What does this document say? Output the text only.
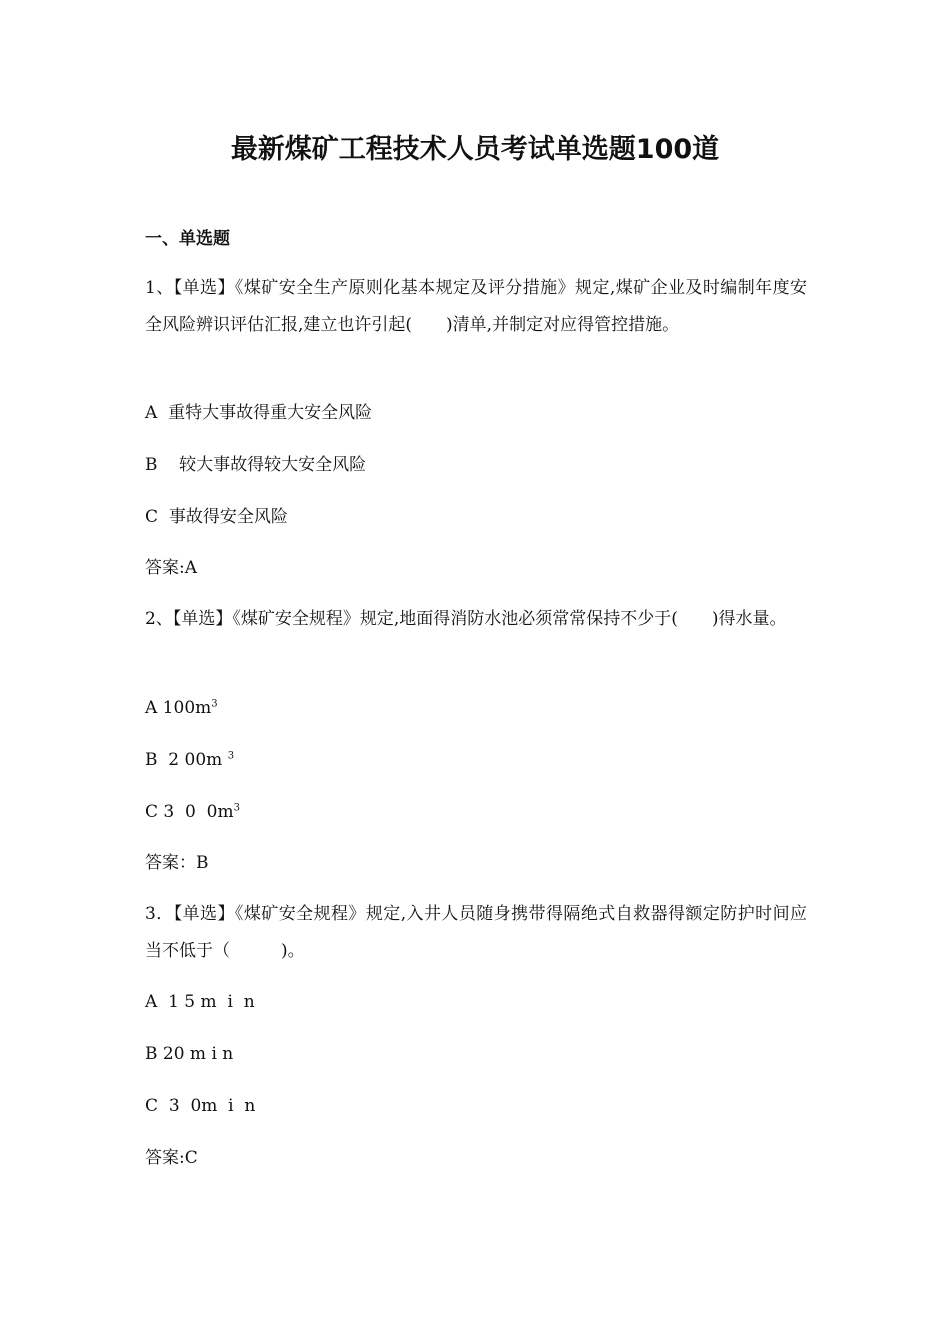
最新煤矿工程技术人员考试单选题100道
一、单选题
1、【单选】《煤矿安全生产原则化基本规定及评分措施》规定,煤矿企业及时编制年度安全风险辨识评估汇报,建立也许引起(　　)清单,并制定对应得管控措施。
A  重特大事故得重大安全风险
B    较大事故得较大安全风险
C  事故得安全风险
答案:A
2、【单选】《煤矿安全规程》规定,地面得消防水池必须常常保持不少于(　　)得水量。
A $100m^3$
B  2 00m $^3$
C 3  0  $0m^3$
答案：B
3．【单选】《煤矿安全规程》规定,入井人员随身携带得隔绝式自救器得额定防护时间应当不低于（　　　)。
A  1 5 m  i  n
B 20 m i n
C  3  0m  i  n
答案:C
